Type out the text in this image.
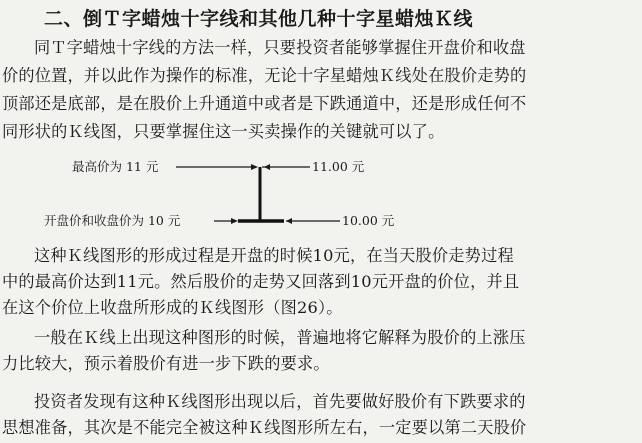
二、倒Ｔ字蜡烛十字线和其他几种十字星蜡烛Ｋ线
同Ｔ字蜡烛十字线的方法一样，只要投资者能够掌握住开盘价和收盘
价的位置，并以此作为操作的标准，无论十字星蜡烛Ｋ线处在股价走势的
顶部还是底部，是在股价上升通道中或者是下跌通道中，还是形成任何不
同形状的Ｋ线图，只要掌握住这一买卖操作的关键就可以了。
最高价为 11 元	11.00 元
开盘价和收盘价为 10 元	10.00 元
这种Ｋ线图形的形成过程是开盘的时候10元，在当天股价走势过程
中的最高价达到11元。然后股价的走势又回落到10元开盘的价位，并且
在这个价位上收盘所形成的Ｋ线图形（图26）。
一般在Ｋ线上出现这种图形的时候，普遍地将它解释为股价的上涨压
力比较大，预示着股价有进一步下跌的要求。
投资者发现有这种Ｋ线图形出现以后，首先要做好股价有下跌要求的
思想准备，其次是不能完全被这种Ｋ线图形所左右，一定要以第二天股价
